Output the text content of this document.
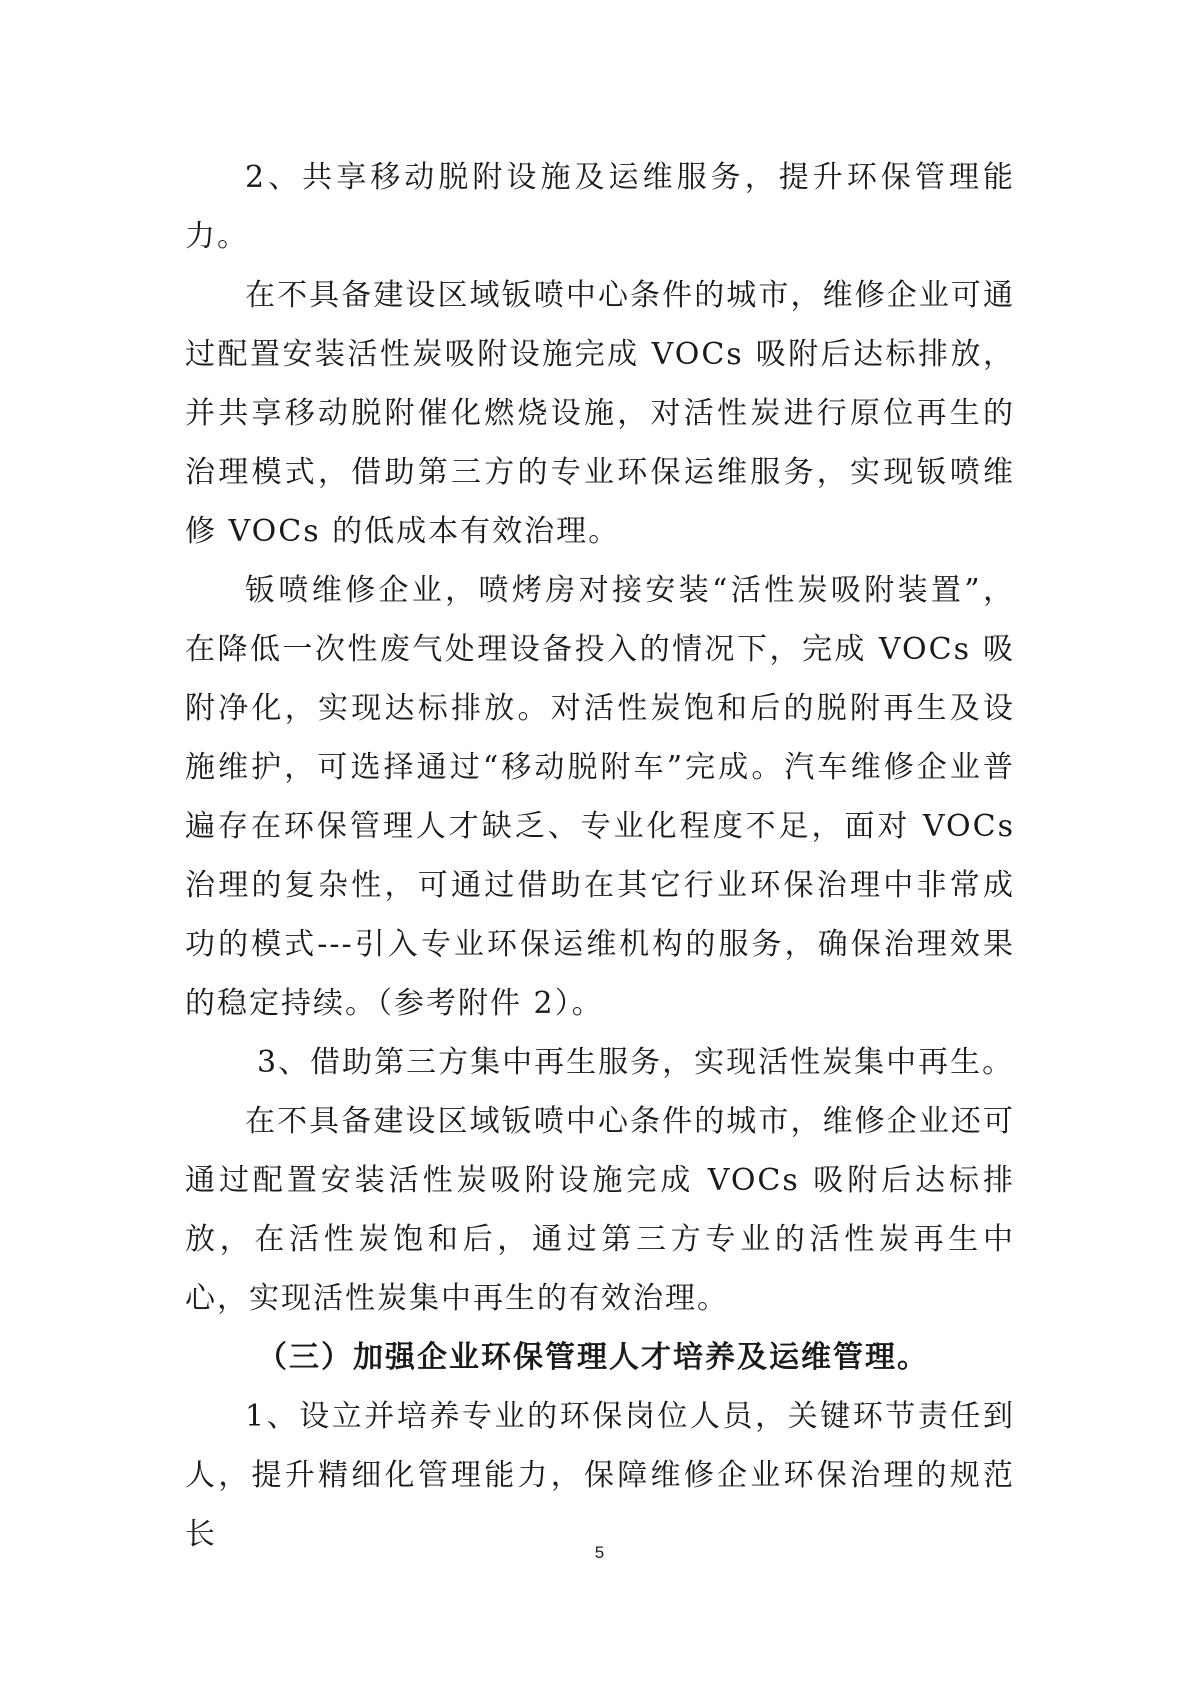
2、共享移动脱附设施及运维服务，提升环保管理能力。

在不具备建设区域钣喷中心条件的城市，维修企业可通过配置安装活性炭吸附设施完成 VOCs 吸附后达标排放，并共享移动脱附催化燃烧设施，对活性炭进行原位再生的治理模式，借助第三方的专业环保运维服务，实现钣喷维修 VOCs 的低成本有效治理。

钣喷维修企业，喷烤房对接安装“活性炭吸附装置”，在降低一次性废气处理设备投入的情况下，完成 VOCs 吸附净化，实现达标排放。对活性炭饱和后的脱附再生及设施维护，可选择通过“移动脱附车”完成。汽车维修企业普遍存在环保管理人才缺乏、专业化程度不足，面对 VOCs 治理的复杂性，可通过借助在其它行业环保治理中非常成功的模式---引入专业环保运维机构的服务，确保治理效果的稳定持续。（参考附件 2）。

3、借助第三方集中再生服务，实现活性炭集中再生。

在不具备建设区域钣喷中心条件的城市，维修企业还可通过配置安装活性炭吸附设施完成 VOCs 吸附后达标排放，在活性炭饱和后，通过第三方专业的活性炭再生中心，实现活性炭集中再生的有效治理。

（三）加强企业环保管理人才培养及运维管理。

1、设立并培养专业的环保岗位人员，关键环节责任到人，提升精细化管理能力，保障维修企业环保治理的规范长

5
